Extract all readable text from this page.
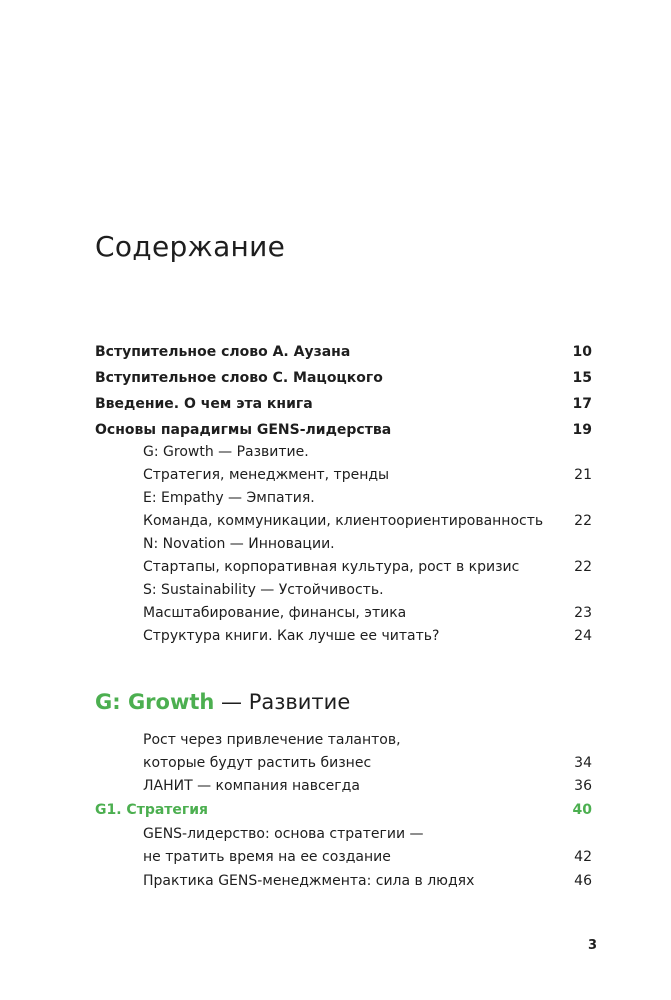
Содержание
Вступительное слово А. Аузана	10
Вступительное слово С. Мацоцкого	15
Введение. О чем эта книга	17
Основы парадигмы GENS-лидерства	19
G: Growth — Развитие.
Стратегия, менеджмент, тренды	21
E: Empathy — Эмпатия.
Команда, коммуникации, клиентоориентированность 22
N: Novation — Инновации.
Стартапы, корпоративная культура, рост в кризис	22
S: Sustainability — Устойчивость.
Масштабирование, финансы, этика	23
Структура книги. Как лучше ее читать?	24
G: Growth — Развитие
Рост через привлечение талантов,
которые будут растить бизнес	34
ЛАНИТ — компания навсегда	36
G1. Стратегия	40
GENS-лидерство: основа стратегии —
не тратить время на ее создание	42
Практика GENS-менеджмента: сила в людях	46
3
